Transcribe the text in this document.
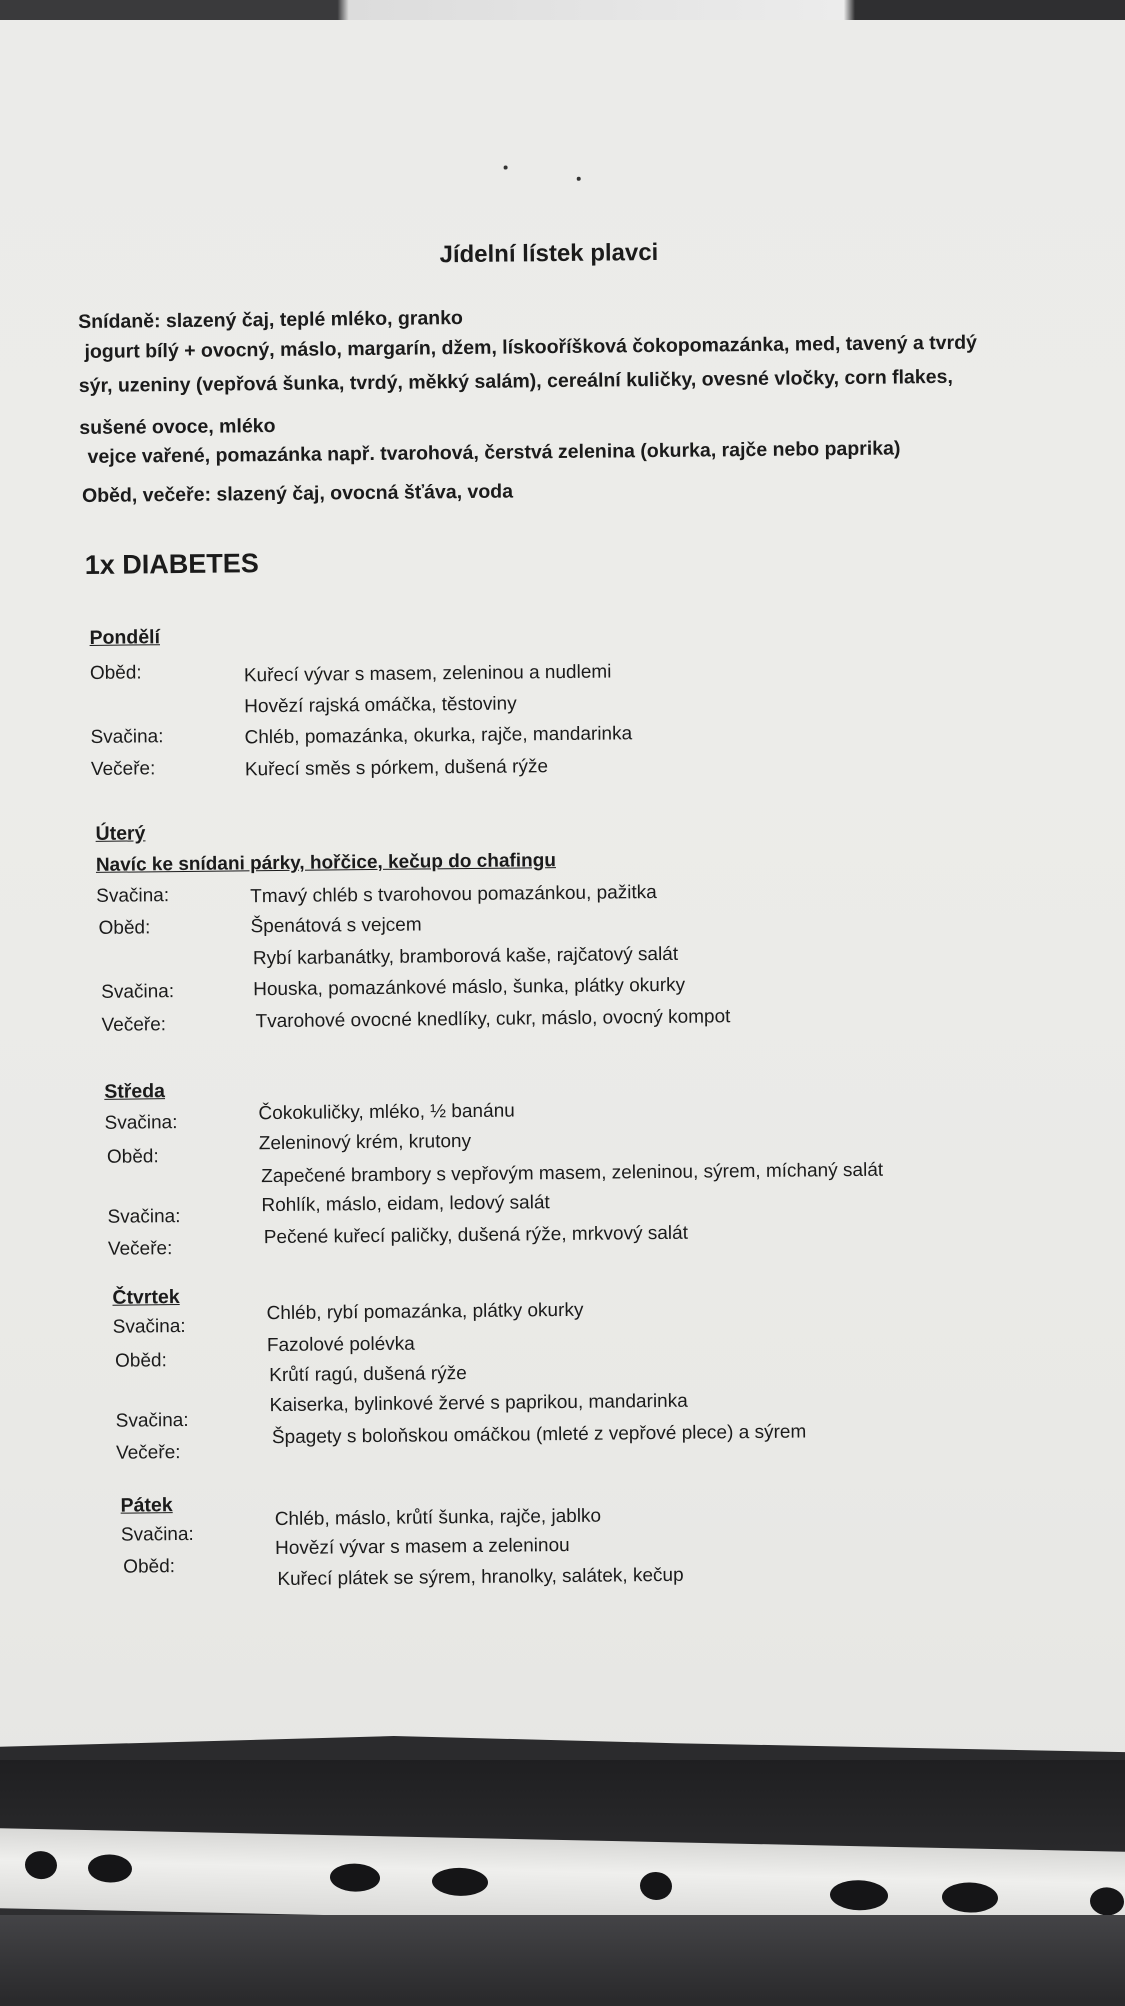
Jídelní lístek plavci
Snídaně: slazený čaj, teplé mléko, granko
jogurt bílý + ovocný, máslo, margarín, džem, lískooříšková čokopomazánka, med, tavený a tvrdý
sýr, uzeniny (vepřová šunka, tvrdý, měkký salám), cereální kuličky, ovesné vločky, corn flakes,
sušené ovoce, mléko
vejce vařené, pomazánka např. tvarohová, čerstvá zelenina (okurka, rajče nebo paprika)
Oběd, večeře: slazený čaj, ovocná šťáva, voda
1x DIABETES
Pondělí
Oběd:	Kuřecí vývar s masem, zeleninou a nudlemi
Hovězí rajská omáčka, těstoviny
Svačina:	Chléb, pomazánka, okurka, rajče, mandarinka
Večeře:	Kuřecí směs s pórkem, dušená rýže
Úterý
Navíc ke snídani párky, hořčice, kečup do chafingu
Svačina:	Tmavý chléb s tvarohovou pomazánkou, pažitka
Oběd:	Špenátová s vejcem
Rybí karbanátky, bramborová kaše, rajčatový salát
Svačina:	Houska, pomazánkové máslo, šunka, plátky okurky
Večeře:	Tvarohové ovocné knedlíky, cukr, máslo, ovocný kompot
Středa
Svačina:	Čokokuličky, mléko, ½ banánu
Oběd:
Zeleninový krém, krutony
Zapečené brambory s vepřovým masem, zeleninou, sýrem, míchaný salát
Svačina:
Rohlík, máslo, eidam, ledový salát
Večeře:
Pečené kuřecí paličky, dušená rýže, mrkvový salát
Čtvrtek
Svačina:
Chléb, rybí pomazánka, plátky okurky
Oběd:
Fazolové polévka
Krůtí ragú, dušená rýže
Svačina:
Kaiserka, bylinkové žervé s paprikou, mandarinka
Večeře:
Špagety s boloňskou omáčkou (mleté z vepřové plece) a sýrem
Pátek
Svačina:
Chléb, máslo, krůtí šunka, rajče, jablko
Oběd:
Hovězí vývar s masem a zeleninou
Kuřecí plátek se sýrem, hranolky, salátek, kečup
